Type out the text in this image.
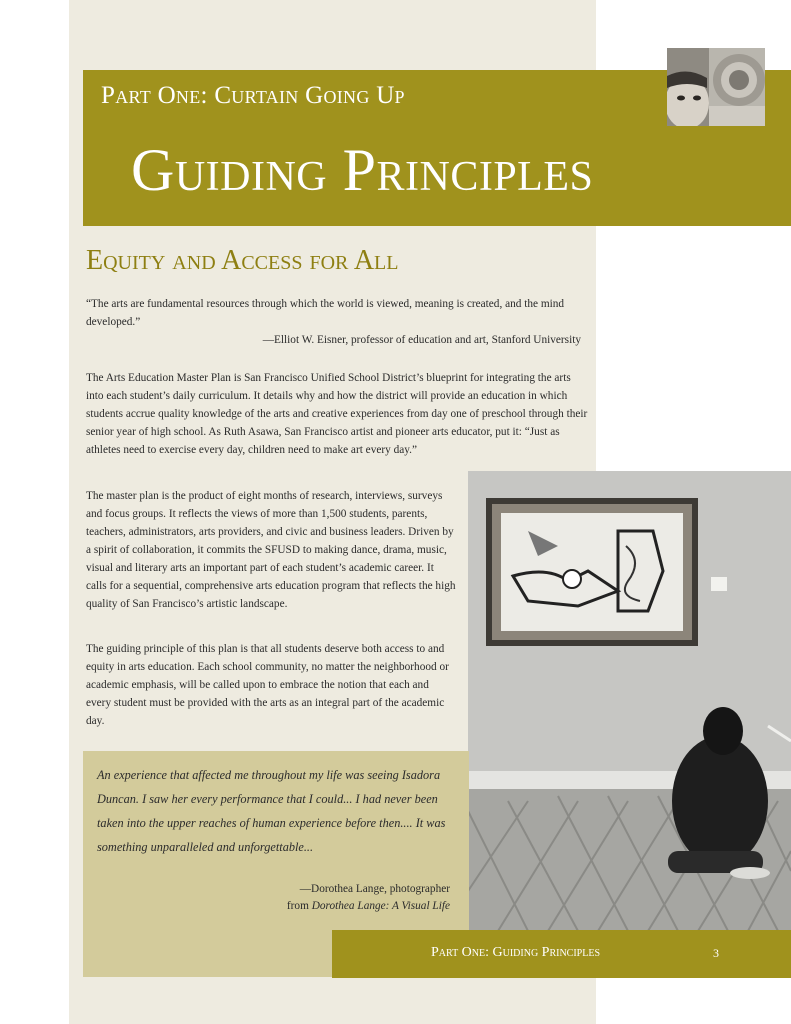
Part One: Curtain Going Up
Guiding Principles
Equity and Access for All

“The arts are fundamental resources through which the world is viewed, meaning is created, and the mind developed.”

—Elliot W. Eisner, professor of education and art, Stanford University

The Arts Education Master Plan is San Francisco Unified School District’s blueprint for integrating the arts into each student’s daily curriculum. It details why and how the district will provide an education in which students accrue quality knowledge of the arts and creative experiences from day one of preschool through their senior year of high school. As Ruth Asawa, San Francisco artist and pioneer arts educator, put it: “Just as athletes need to exercise every day, children need to make art every day.”

The master plan is the product of eight months of research, interviews, surveys and focus groups. It reflects the views of more than 1,500 students, parents, teachers, administrators, arts providers, and civic and business leaders. Driven by a spirit of collaboration, it commits the SFUSD to making dance, drama, music, visual and literary arts an important part of each student’s academic career. It calls for a sequential, comprehensive arts education program that reflects the high quality of San Francisco’s artistic landscape.

The guiding principle of this plan is that all students deserve both access to and equity in arts education. Each school community, no matter the neighborhood or academic emphasis, will be called upon to embrace the notion that each and every student must be provided with the arts as an integral part of the academic day.

An experience that affected me throughout my life was seeing Isadora Duncan. I saw her every performance that I could... I had never been taken into the upper reaches of human experience before then.... It was something unparalleled and unforgettable...
—Dorothea Lange, photographer
from Dorothea Lange: A Visual Life
Part One: Guiding Principles	3
